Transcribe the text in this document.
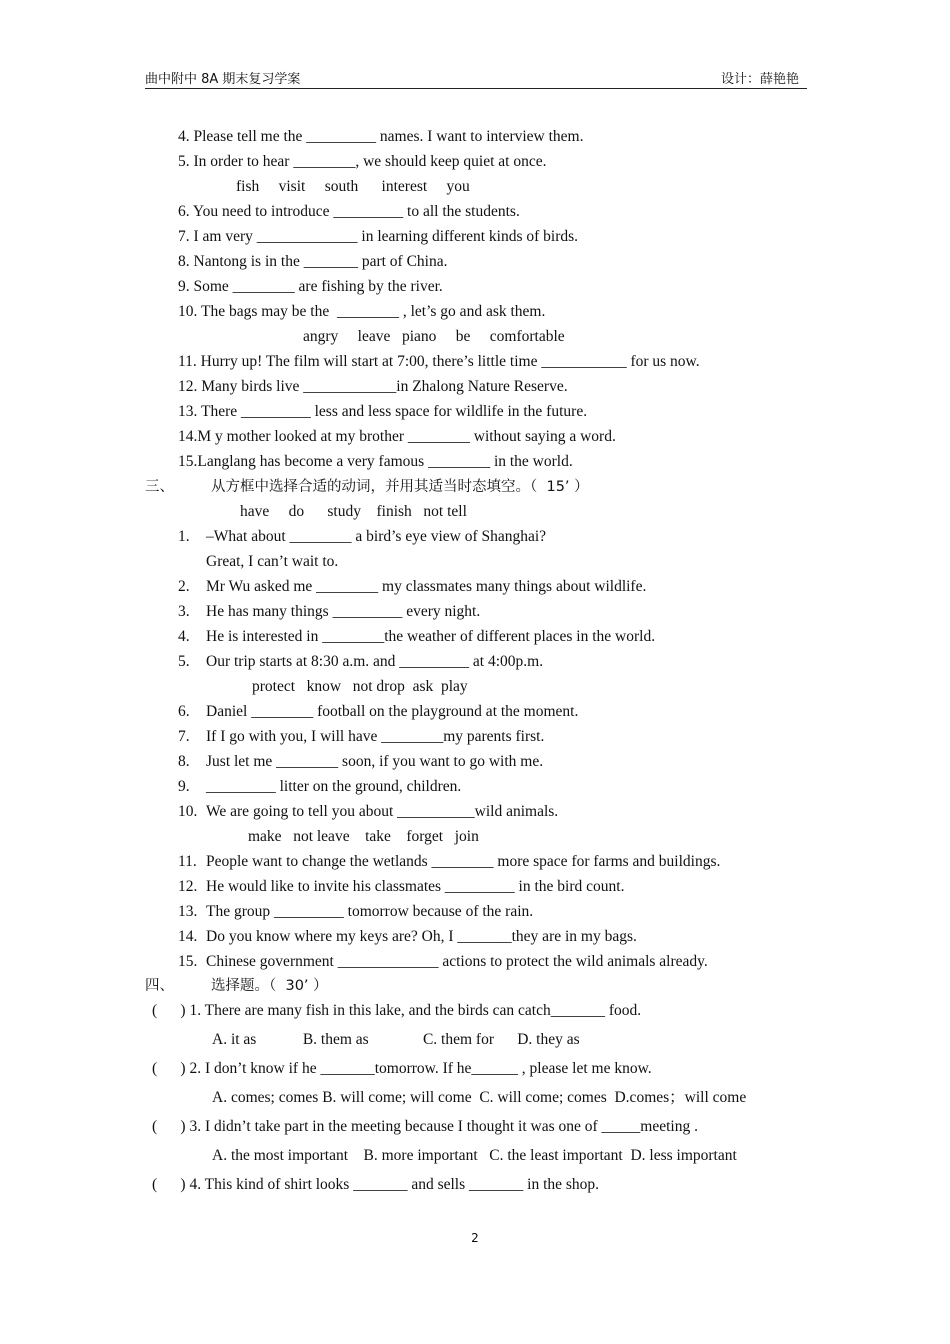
曲中附中 8A 期末复习学案	设计：薛艳艳
4. Please tell me the _________ names. I want to interview them.
5. In order to hear ________, we should keep quiet at once.
fish     visit     south      interest     you
6. You need to introduce _________ to all the students.
7. I am very _____________ in learning different kinds of birds.
8. Nantong is in the _______ part of China.
9. Some ________ are fishing by the river.
10. The bags may be the  ________ , let’s go and ask them.
angry     leave   piano     be     comfortable
11. Hurry up! The film will start at 7:00, there’s little time ___________ for us now.
12. Many birds live ____________in Zhalong Nature Reserve.
13. There _________ less and less space for wildlife in the future.
14.M y mother looked at my brother ________ without saying a word.
15.Langlang has become a very famous ________ in the world.
三、	从方框中选择合适的动词，并用其适当时态填空。（  15’ ）
have     do      study    finish   not tell
1. –What about ________ a bird’s eye view of Shanghai?
Great, I can’t wait to.
2. Mr Wu asked me ________ my classmates many things about wildlife.
3. He has many things _________ every night.
4. He is interested in ________the weather of different places in the world.
5. Our trip starts at 8:30 a.m. and _________ at 4:00p.m.
protect   know   not drop  ask  play
6. Daniel ________ football on the playground at the moment.
7. If I go with you, I will have ________my parents first.
8. Just let me ________ soon, if you want to go with me.
9. _________ litter on the ground, children.
10. We are going to tell you about __________wild animals.
make   not leave    take    forget   join
11. People want to change the wetlands ________ more space for farms and buildings.
12. He would like to invite his classmates _________ in the bird count.
13. The group _________ tomorrow because of the rain.
14. Do you know where my keys are? Oh, I _______they are in my bags.
15. Chinese government _____________ actions to protect the wild animals already.
四、	选择题。（  30’ ）
(      ) 1. There are many fish in this lake, and the birds can catch_______ food.
A. it as            B. them as              C. them for      D. they as
(      ) 2. I don’t know if he _______tomorrow. If he______ , please let me know.
A. comes; comes B. will come; will come  C. will come; comes  D.comes；will come
(      ) 3. I didn’t take part in the meeting because I thought it was one of _____meeting .
A. the most important    B. more important   C. the least important  D. less important
(      ) 4. This kind of shirt looks _______ and sells _______ in the shop.
2
